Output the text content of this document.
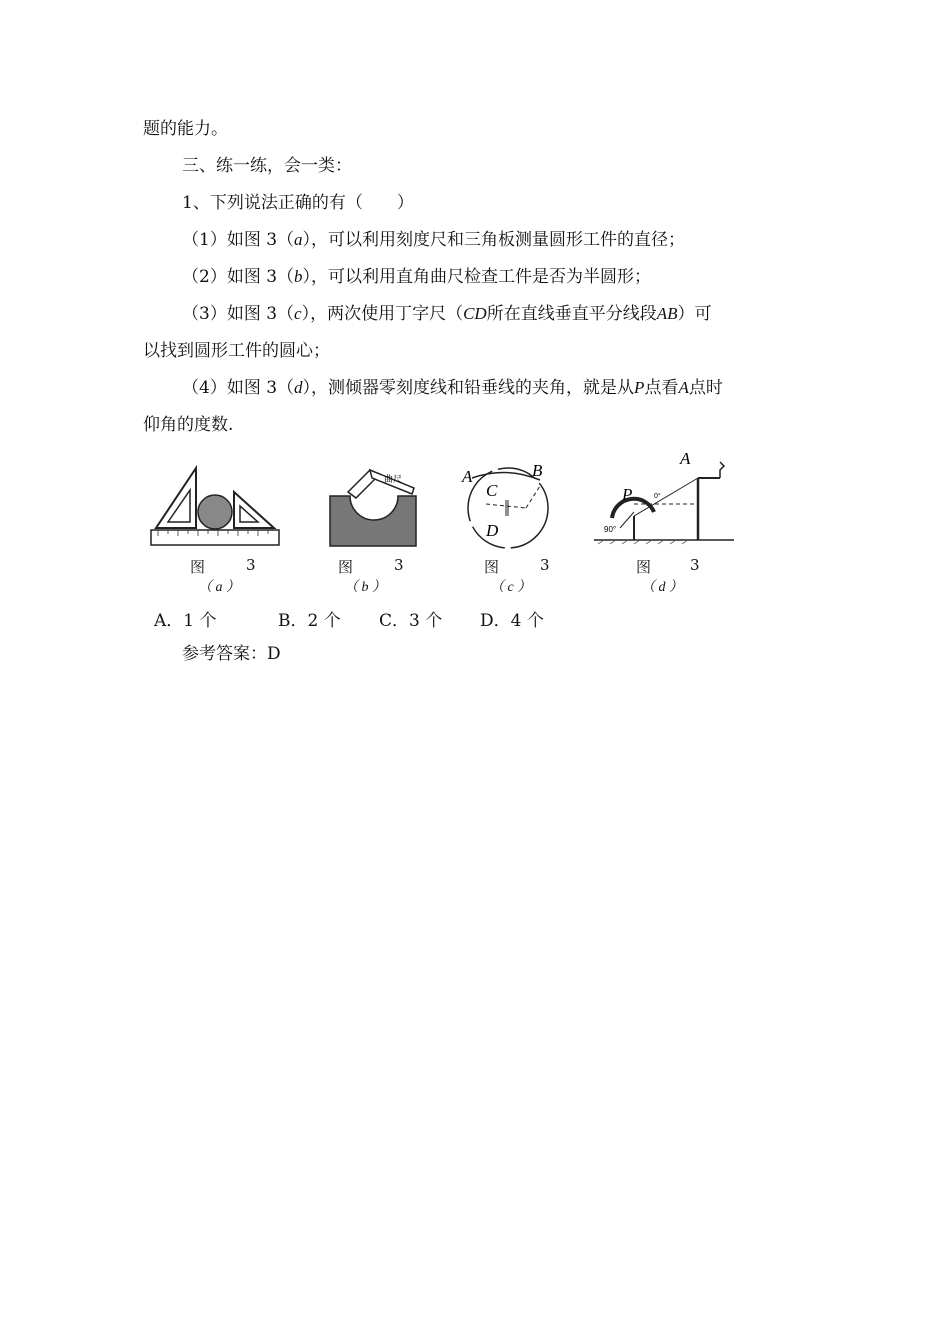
题的能力。
三、练一练，会一类：
1、下列说法正确的有（　　）
（1）如图 3（a），可以利用刻度尺和三角板测量圆形工件的直径；
（2）如图 3（b），可以利用直角曲尺检查工件是否为半圆形；
（3）如图 3（c），两次使用丁字尺（CD所在直线垂直平分线段AB）可
以找到圆形工件的圆心；
（4）如图 3（d），测倾器零刻度线和铅垂线的夹角，就是从P点看A点时
仰角的度数.
图	3
（ a ）
曲尺
图	3
（ b ）
A	B
C
D
图	3
（ c ）
P
A
90°
0°
图	3
（ d ）
A．1 个	B．2 个 C．3 个 D．4 个
参考答案：D
